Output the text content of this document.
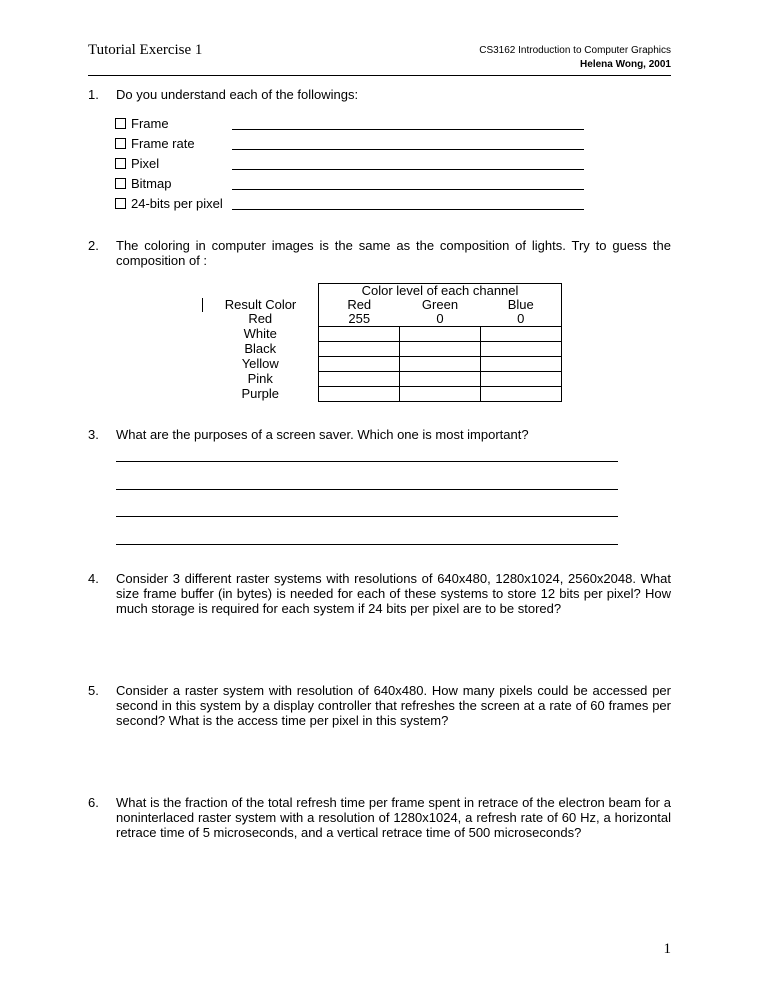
Tutorial Exercise 1	CS3162 Introduction to Computer Graphics
Helena Wong, 2001
1. Do you understand each of the followings:
Frame
Frame rate
Pixel
Bitmap
24-bits per pixel
2. The coloring in computer images is the same as the composition of lights. Try to guess the composition of :
	Color level of each channel		
Result Color	Red	Green	Blue
Red	255	0	0
White			
Black			
Yellow			
Pink			
Purple			
3. What are the purposes of a screen saver. Which one is most important?
4. Consider 3 different raster systems with resolutions of 640x480, 1280x1024, 2560x2048. What size frame buffer (in bytes) is needed for each of these systems to store 12 bits per pixel? How much storage is required for each system if 24 bits per pixel are to be stored?
5. Consider a raster system with resolution of 640x480. How many pixels could be accessed per second in this system by a display controller that refreshes the screen at a rate of 60 frames per second? What is the access time per pixel in this system?
6. What is the fraction of the total refresh time per frame spent in retrace of the electron beam for a noninterlaced raster system with a resolution of 1280x1024, a refresh rate of 60 Hz, a horizontal retrace time of 5 microseconds, and a vertical retrace time of 500 microseconds?
1
